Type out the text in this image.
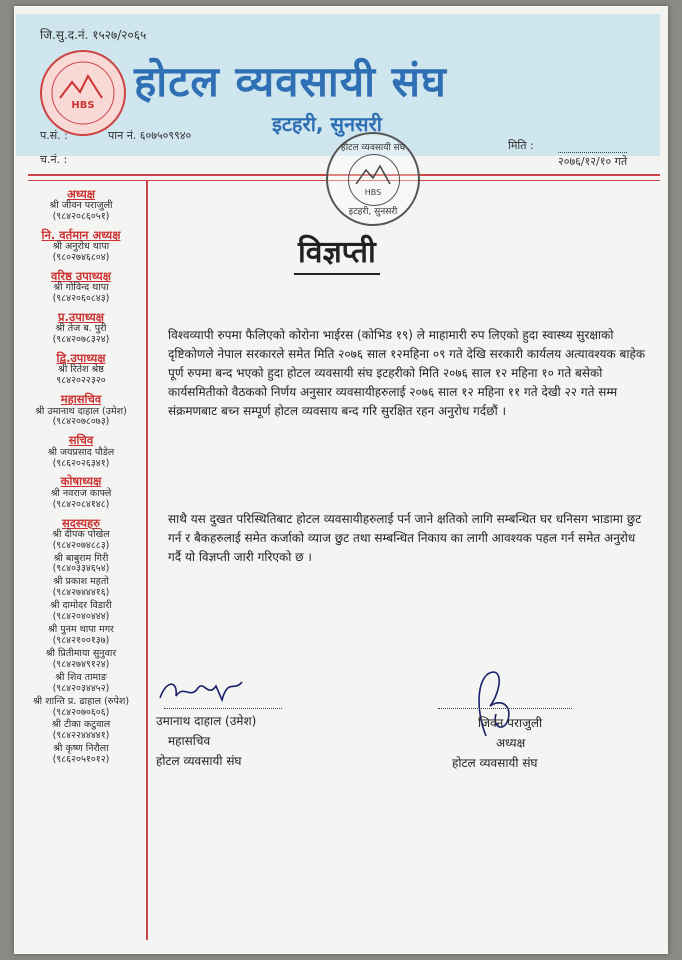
जि.सु.द.नं. १५२७/२०६५
HBS होटल व्यवसायी संघ
इटहरी, सुनसरी
प.सं. :	पान नं. ६०७५०९९४०
च.नं. :
मिति :
२०७६/१२/१० गते
होटल व्यवसायी संघ
HBS
इटहरी, सुनसरी
अध्यक्ष
श्री जीवन पराजुली
(९८४२०८६०५१)
नि. वर्तमान अध्यक्ष
श्री अनुरोध थापा
(९८०२७४६८०४)
वरिष्ठ उपाध्यक्ष
श्री गोविन्द थापा
(९८४२०६०८४३)
प्र.उपाध्यक्ष
श्री तेज ब. पुरी
(९८४२०७८३२४)
द्वि.उपाध्यक्ष
श्री रितेश श्रेष्ठ
९८४२०२२३२०
महासचिव
श्री उमानाथ दाहाल (उमेश)
(९८४२०७८०७३)
सचिव
श्री जयप्रसाद पौडेल
(९८६२०२६३४१)
कोषाध्यक्ष
श्री नवराज काफ्ले
(९८४२०८४१४८)
सदस्यहरु
श्री दीपक पोखेल
(९८४२०७४८८३)
श्री बाबुराम गिरी
(९८४०३३४६५४)
श्री प्रकाश महतो
(९८४२७४४४१६)
श्री दामोदर विडारी
(९८४२०४०४४४)
श्री पुनम थापा मगर
(९८४२१००१३७)
श्री प्रितीमाया सुनुवार
(९८४२७४९१२४)
श्री शिव तामाङ
(९८४२०३४४५२)
श्री शान्ति प्र. ढाहाल (रुपेश)
(९८४२०७०६०६)
श्री टीका कटुवाल
(९८४२२४४४४१)
श्री कृष्ण निरौला
(९८६२०५१०१२)
विज्ञप्ती

विश्वव्यापी रुपमा फैलिएको कोरोना भाईरस (कोभिड १९) ले माहामारी रुप लिएको हुदा स्वास्थ्य सुरक्षाको दृष्टिकोणले नेपाल सरकारले समेत मिति २०७६ साल १२महिना ०९ गते देखि सरकारी कार्यलय अत्यावश्यक बाहेक पूर्ण रुपमा बन्द भएको हुदा होटल व्यवसायी संघ इटहरीको मिति २०७६ साल १२ महिना १० गते बसेको कार्यसमितीको वैठकको निर्णय अनुसार व्यवसायीहरुलाई २०७६ साल १२ महिना ११ गते देखी २२ गते सम्म संक्रमणबाट बच्न सम्पूर्ण होटल व्यवसाय बन्द गरि सुरक्षित रहन अनुरोध गर्दछौं ।

साथै यस दुखत परिस्थितिबाट होटल व्यवसायीहरुलाई पर्न जाने क्षतिको लागि सम्बन्धित घर धनिसग भाडामा छुट गर्न र बैकहरुलाई समेत कर्जाको व्याज छुट तथा सम्बन्धित निकाय का लागी आवश्यक पहल गर्न समेत अनुरोध गर्दै यो विज्ञप्ती जारी गरिएको छ ।

उमानाथ दाहाल (उमेश)
महासचिव
होटल व्यवसायी संघ
जिवन पराजुली
अध्यक्ष
होटल व्यवसायी संघ
